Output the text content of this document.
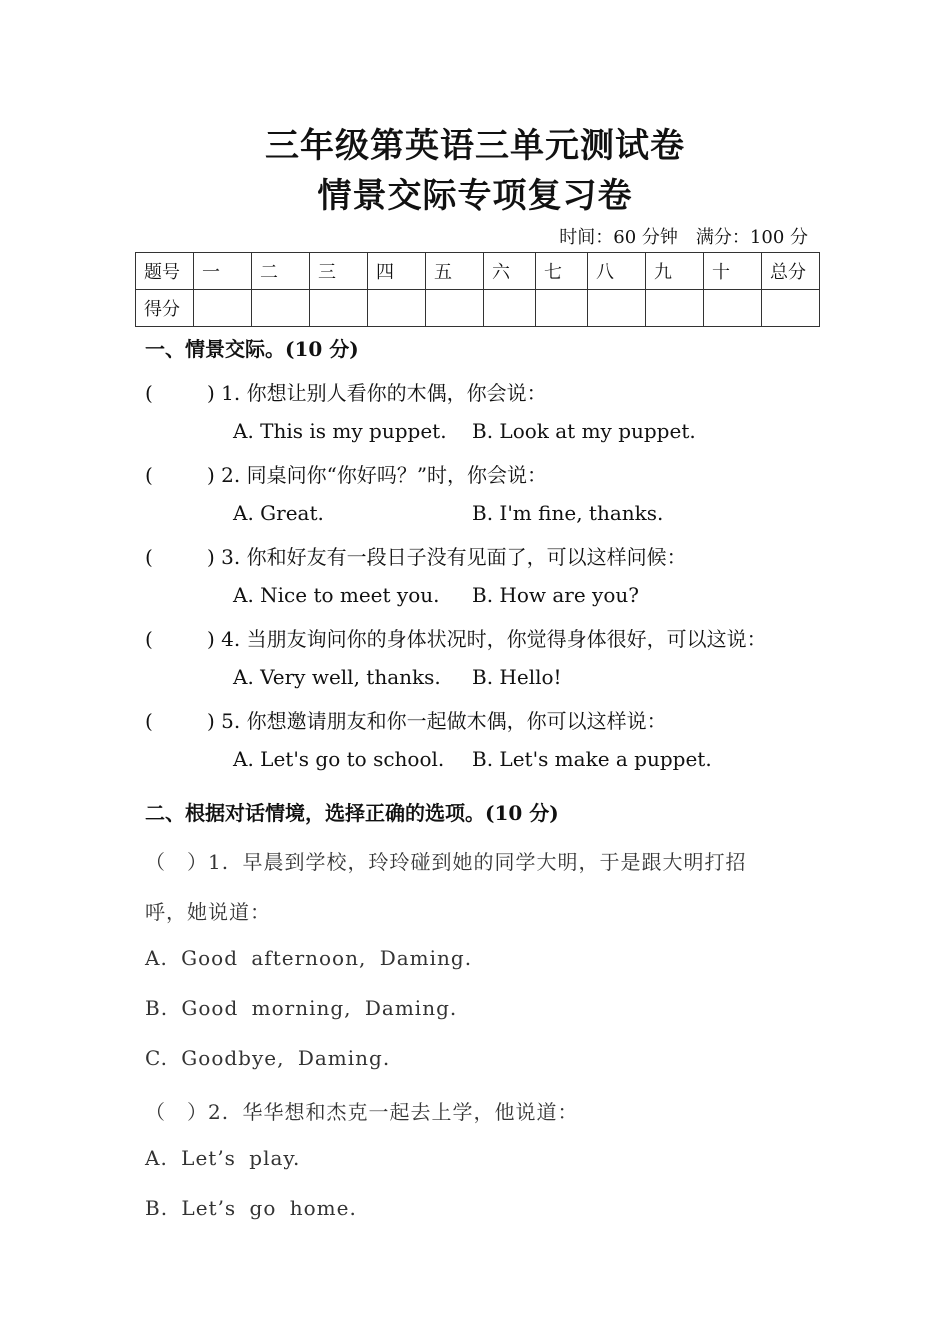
三年级第英语三单元测试卷
情景交际专项复习卷
时间：60 分钟　满分：100 分
题号	一	二	三	四	五	六	七	八	九	十	总分
得分											
一、情景交际。(10 分)
(	) 1. 你想让别人看你的木偶，你会说：
A. This is my puppet. B. Look at my puppet.
(	) 2. 同桌问你“你好吗？”时，你会说：
A. Great.	B. I'm fine, thanks.
(	) 3. 你和好友有一段日子没有见面了，可以这样问候：
A. Nice to meet you. B. How are you?
(	) 4. 当朋友询问你的身体状况时，你觉得身体很好，可以这说：
A. Very well, thanks. B. Hello!
(	) 5. 你想邀请朋友和你一起做木偶，你可以这样说：
A. Let's go to school. B. Let's make a puppet.
二、根据对话情境，选择正确的选项。(10 分)
（　）1. 早晨到学校，玲玲碰到她的同学大明，于是跟大明打招
呼，她说道：
A. Good afternoon, Daming.
B. Good morning, Daming.
C. Goodbye, Daming.
（　）2. 华华想和杰克一起去上学，他说道：
A. Let’s play.
B. Let’s go home.
